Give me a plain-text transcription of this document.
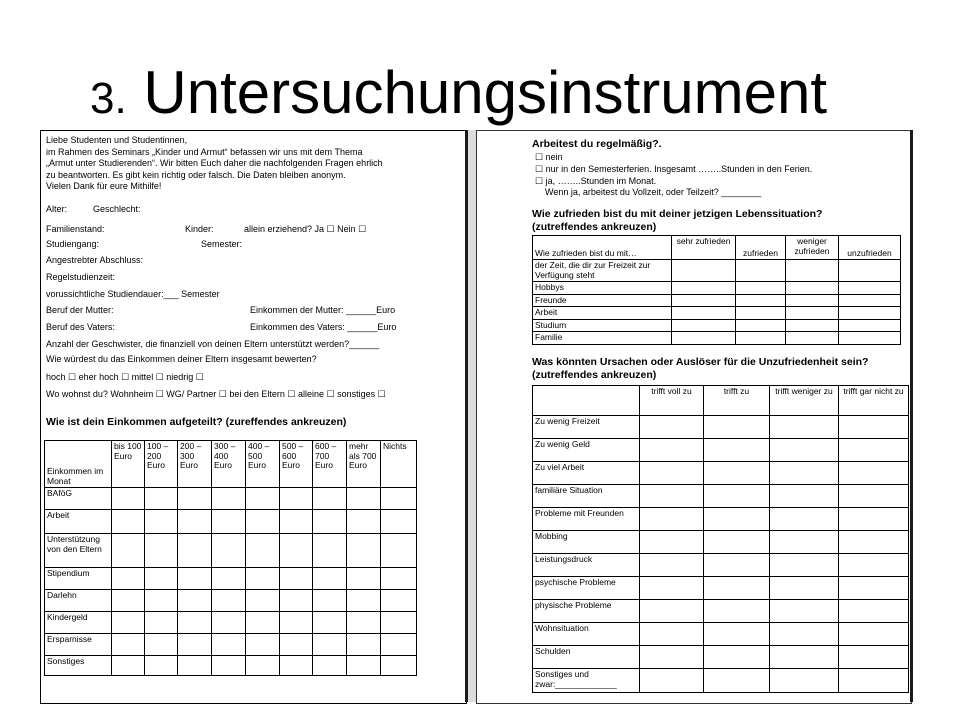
3. Untersuchungsinstrument
Liebe Studenten und Studentinnen,
im Rahmen des Seminars „Kinder und Armut“ befassen wir uns mit dem Thema
„Armut unter Studierenden“. Wir bitten Euch daher die nachfolgenden Fragen ehrlich
zu beantworten. Es gibt kein richtig oder falsch. Die Daten bleiben anonym.
Vielen Dank für eure Mithilfe!
Alter:	Geschlecht:
Familienstand:	Kinder:	allein erziehend? Ja ☐ Nein ☐
Studiengang:	Semester:
Angestrebter Abschluss:
Regelstudienzeit:
vorussichtliche Studiendauer:___ Semester
Beruf der Mutter:	Einkommen der Mutter: ______Euro
Beruf des Vaters:	Einkommen des Vaters: ______Euro
Anzahl der Geschwister, die finanziell von deinen Eltern unterstützt werden?______
Wie würdest du das Einkommen deiner Eltern insgesamt bewerten?
hoch ☐ eher hoch ☐ mittel ☐ niedrig ☐
Wo wohnst du? Wohnheim ☐ WG/ Partner ☐ bei den Eltern ☐ alleine ☐ sonstiges ☐
Wie ist dein Einkommen aufgeteilt? (zureffendes ankreuzen)
Einkommen im Monat	bis 100 Euro	100 – 200 Euro	200 – 300 Euro	300 – 400 Euro	400 – 500 Euro	500 – 600 Euro	600 – 700 Euro	mehr als 700 Euro	Nichts
BAföG									
Arbeit									
Unterstützung von den Eltern									
Stipendium									
Darlehn									
Kindergeld									
Ersparnisse									
Sonstiges									
Arbeitest du regelmäßig?.
☐ nein
☐ nur in den Semesterferien. Insgesamt ……..Stunden in den Ferien.
☐ ja, ……..Stunden im Monat.
Wenn ja, arbeitest du Vollzeit, oder Teilzeit? ________
Wie zufrieden bist du mit deiner jetzigen Lebenssituation?
(zutreffendes ankreuzen)
Wie zufrieden bist du mit…	sehr zufrieden	zufrieden	weniger zufrieden	unzufrieden
der Zeit, die dir zur Freizeit zur Verfügung steht				
Hobbys				
Freunde				
Arbeit				
Studium				
Familie				
Was könnten Ursachen oder Auslöser für die Unzufriedenheit sein?
(zutreffendes ankreuzen)
	trifft voll zu	trifft zu	trifft weniger zu	trifft gar nicht zu
Zu wenig Freizeit				
Zu wenig Geld				
Zu viel Arbeit				
familiäre Situation				
Probleme mit Freunden				
Mobbing				
Leistungsdruck				
psychische Probleme				
physische Probleme				
Wohnsituation				
Schulden				
Sonstiges und zwar:_____________				
